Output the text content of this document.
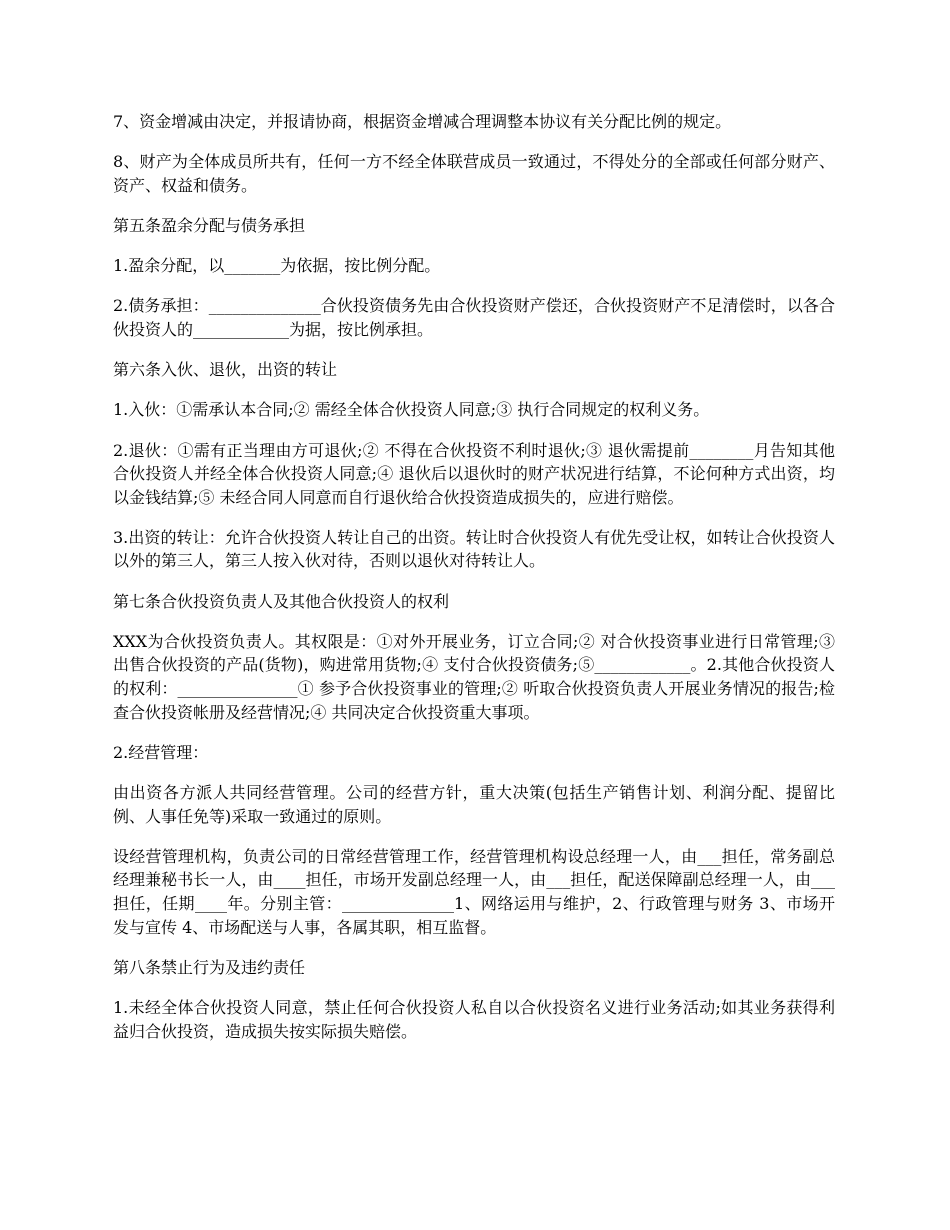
7、资金增减由决定，并报请协商，根据资金增减合理调整本协议有关分配比例的规定。

8、财产为全体成员所共有，任何一方不经全体联营成员一致通过，不得处分的全部或任何部分财产、资产、权益和债务。

第五条盈余分配与债务承担

1.盈余分配，以_______为依据，按比例分配。

2.债务承担：______________合伙投资债务先由合伙投资财产偿还，合伙投资财产不足清偿时，以各合伙投资人的____________为据，按比例承担。

第六条入伙、退伙，出资的转让

1.入伙：①需承认本合同;② 需经全体合伙投资人同意;③ 执行合同规定的权利义务。

2.退伙：①需有正当理由方可退伙;② 不得在合伙投资不利时退伙;③ 退伙需提前________月告知其他合伙投资人并经全体合伙投资人同意;④ 退伙后以退伙时的财产状况进行结算，不论何种方式出资，均以金钱结算;⑤ 未经合同人同意而自行退伙给合伙投资造成损失的，应进行赔偿。

3.出资的转让：允许合伙投资人转让自己的出资。转让时合伙投资人有优先受让权，如转让合伙投资人以外的第三人，第三人按入伙对待，否则以退伙对待转让人。

第七条合伙投资负责人及其他合伙投资人的权利

XXX为合伙投资负责人。其权限是：①对外开展业务，订立合同;② 对合伙投资事业进行日常管理;③ 出售合伙投资的产品(货物)，购进常用货物;④ 支付合伙投资债务;⑤____________。2.其他合伙投资人的权利：_______________① 参予合伙投资事业的管理;② 听取合伙投资负责人开展业务情况的报告;检查合伙投资帐册及经营情况;④ 共同决定合伙投资重大事项。

2.经营管理：

由出资各方派人共同经营管理。公司的经营方针，重大决策(包括生产销售计划、利润分配、提留比例、人事任免等)采取一致通过的原则。

设经营管理机构，负责公司的日常经营管理工作，经营管理机构设总经理一人，由___担任，常务副总经理兼秘书长一人，由____担任，市场开发副总经理一人，由___担任，配送保障副总经理一人，由___担任，任期____年。分别主管：______________1、网络运用与维护，2、行政管理与财务 3、市场开发与宣传 4、市场配送与人事，各属其职，相互监督。

第八条禁止行为及违约责任

1.未经全体合伙投资人同意，禁止任何合伙投资人私自以合伙投资名义进行业务活动;如其业务获得利益归合伙投资，造成损失按实际损失赔偿。
